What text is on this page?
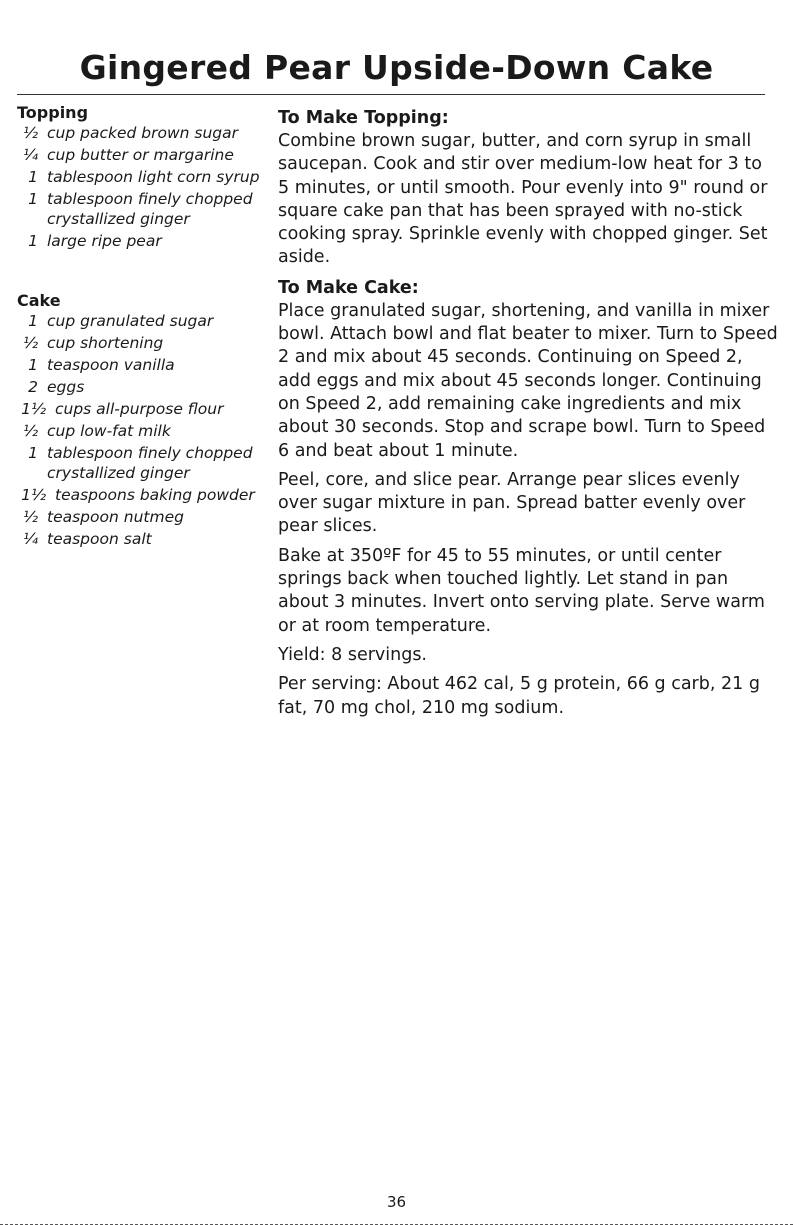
Gingered Pear Upside-Down Cake
Topping
½ cup packed brown sugar
¼ cup butter or margarine
1 tablespoon light corn syrup
1 tablespoon finely chopped crystallized ginger
1 large ripe pear
Cake
1 cup granulated sugar
½ cup shortening
1 teaspoon vanilla
2 eggs
1½ cups all-purpose flour
½ cup low-fat milk
1 tablespoon finely chopped crystallized ginger
1½ teaspoons baking powder
½ teaspoon nutmeg
¼ teaspoon salt
To Make Topping:

Combine brown sugar, butter, and corn syrup in small saucepan. Cook and stir over medium-low heat for 3 to 5 minutes, or until smooth. Pour evenly into 9" round or square cake pan that has been sprayed with no-stick cooking spray. Sprinkle evenly with chopped ginger. Set aside.

To Make Cake:

Place granulated sugar, shortening, and vanilla in mixer bowl. Attach bowl and flat beater to mixer. Turn to Speed 2 and mix about 45 seconds. Continuing on Speed 2, add eggs and mix about 45 seconds longer. Continuing on Speed 2, add remaining cake ingredients and mix about 30 seconds. Stop and scrape bowl. Turn to Speed 6 and beat about 1 minute.

Peel, core, and slice pear. Arrange pear slices evenly over sugar mixture in pan. Spread batter evenly over pear slices.

Bake at 350ºF for 45 to 55 minutes, or until center springs back when touched lightly. Let stand in pan about 3 minutes. Invert onto serving plate. Serve warm or at room temperature.

Yield: 8 servings.

Per serving: About 462 cal, 5 g protein, 66 g carb, 21 g fat, 70 mg chol, 210 mg sodium.

36
